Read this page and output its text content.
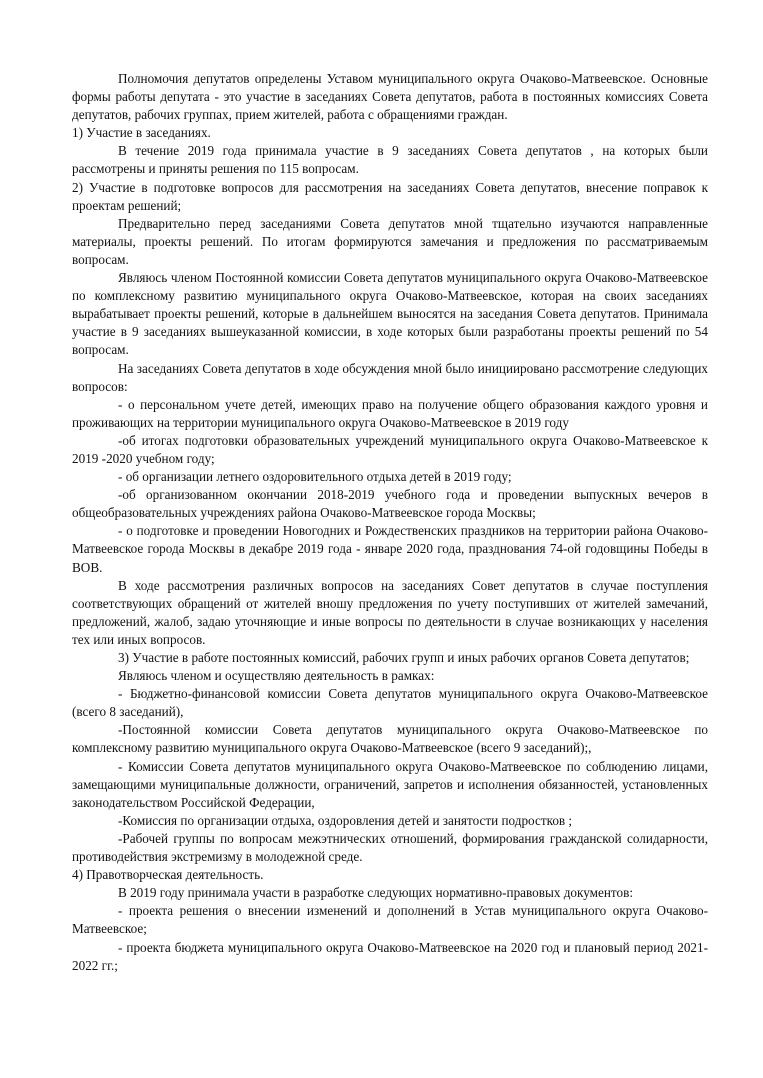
Полномочия депутатов определены Уставом муниципального округа Очаково-Матвеевское. Основные формы работы депутата - это участие в заседаниях Совета депутатов, работа в постоянных комиссиях Совета депутатов, рабочих группах, прием жителей, работа с обращениями граждан.

1) Участие в заседаниях.

В течение 2019 года принимала участие в 9 заседаниях Совета депутатов , на которых были рассмотрены и приняты решения по 115 вопросам.

2) Участие в подготовке вопросов для рассмотрения на заседаниях Совета депутатов, внесение поправок к проектам решений;

Предварительно перед заседаниями Совета депутатов мной тщательно изучаются направленные материалы, проекты решений. По итогам формируются замечания и предложения по рассматриваемым вопросам.

Являюсь членом Постоянной комиссии Совета депутатов муниципального округа Очаково-Матвеевское по комплексному развитию муниципального округа Очаково-Матвеевское, которая на своих заседаниях вырабатывает проекты решений, которые в дальнейшем выносятся на заседания Совета депутатов. Принимала участие в 9 заседаниях вышеуказанной комиссии, в ходе которых были разработаны проекты решений по 54 вопросам.

На заседаниях Совета депутатов в ходе обсуждения мной было инициировано рассмотрение следующих вопросов:

- о персональном учете детей, имеющих право на получение общего образования каждого уровня и проживающих на территории муниципального округа Очаково-Матвеевское в 2019 году

-об итогах подготовки образовательных учреждений муниципального округа Очаково-Матвеевское к 2019 -2020 учебном году;

- об организации летнего оздоровительного отдыха детей в 2019 году;

-об организованном окончании 2018-2019 учебного года и проведении выпускных вечеров в общеобразовательных учреждениях района Очаково-Матвеевское города Москвы;

- о подготовке и проведении Новогодних и Рождественских праздников на территории района Очаково-Матвеевское города Москвы в декабре 2019 года - январе 2020 года, празднования 74-ой годовщины Победы в ВОВ.

В ходе рассмотрения различных вопросов на заседаниях Совет депутатов в случае поступления соответствующих обращений от жителей вношу предложения по учету поступивших от жителей замечаний, предложений, жалоб, задаю уточняющие и иные вопросы по деятельности в случае возникающих у населения тех или иных вопросов.

3) Участие в работе постоянных комиссий, рабочих групп и иных рабочих органов Совета депутатов;

Являюсь членом и осуществляю деятельность в рамках:

- Бюджетно-финансовой комиссии Совета депутатов муниципального округа Очаково-Матвеевское (всего 8 заседаний),

-Постоянной комиссии Совета депутатов муниципального округа Очаково-Матвеевское по комплексному развитию муниципального округа Очаково-Матвеевское (всего 9 заседаний);,

- Комиссии Совета депутатов муниципального округа Очаково-Матвеевское по соблюдению лицами, замещающими муниципальные должности, ограничений, запретов и исполнения обязанностей, установленных законодательством Российской Федерации,

-Комиссия по организации отдыха, оздоровления детей и занятости подростков ;

-Рабочей группы по вопросам межэтнических отношений, формирования гражданской солидарности, противодействия экстремизму в молодежной среде.

4) Правотворческая деятельность.

В 2019 году принимала участи в разработке следующих нормативно-правовых документов:

- проекта решения о внесении изменений и дополнений в Устав муниципального округа Очаково-Матвеевское;

- проекта бюджета муниципального округа Очаково-Матвеевское на 2020 год и плановый период 2021-2022 гг.;
